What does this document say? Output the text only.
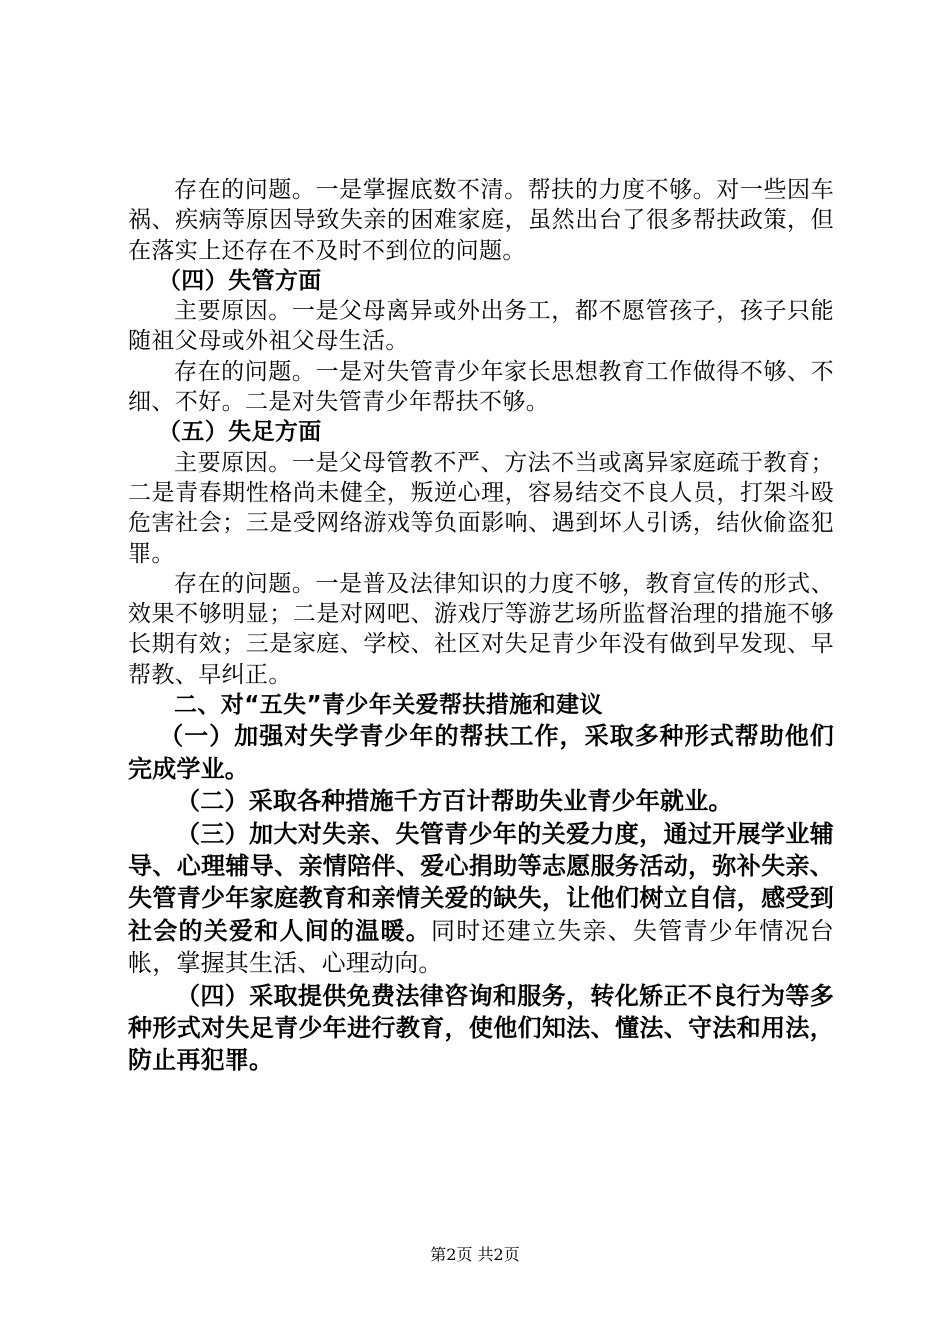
存在的问题。一是掌握底数不清。帮扶的力度不够。对一些因车祸、疾病等原因导致失亲的困难家庭，虽然出台了很多帮扶政策，但在落实上还存在不及时不到位的问题。

（四）失管方面

主要原因。一是父母离异或外出务工，都不愿管孩子，孩子只能随祖父母或外祖父母生活。

存在的问题。一是对失管青少年家长思想教育工作做得不够、不细、不好。二是对失管青少年帮扶不够。

（五）失足方面

主要原因。一是父母管教不严、方法不当或离异家庭疏于教育；二是青春期性格尚未健全，叛逆心理，容易结交不良人员，打架斗殴危害社会；三是受网络游戏等负面影响、遇到坏人引诱，结伙偷盗犯罪。

存在的问题。一是普及法律知识的力度不够，教育宣传的形式、效果不够明显；二是对网吧、游戏厅等游艺场所监督治理的措施不够长期有效；三是家庭、学校、社区对失足青少年没有做到早发现、早帮教、早纠正。

二、对“五失”青少年关爱帮扶措施和建议

（一）加强对失学青少年的帮扶工作，采取多种形式帮助他们完成学业。

（二）采取各种措施千方百计帮助失业青少年就业。

（三）加大对失亲、失管青少年的关爱力度，通过开展学业辅导、心理辅导、亲情陪伴、爱心捐助等志愿服务活动，弥补失亲、失管青少年家庭教育和亲情关爱的缺失，让他们树立自信，感受到社会的关爱和人间的温暖。同时还建立失亲、失管青少年情况台帐，掌握其生活、心理动向。

（四）采取提供免费法律咨询和服务，转化矫正不良行为等多种形式对失足青少年进行教育，使他们知法、懂法、守法和用法，防止再犯罪。

第2页 共2页
